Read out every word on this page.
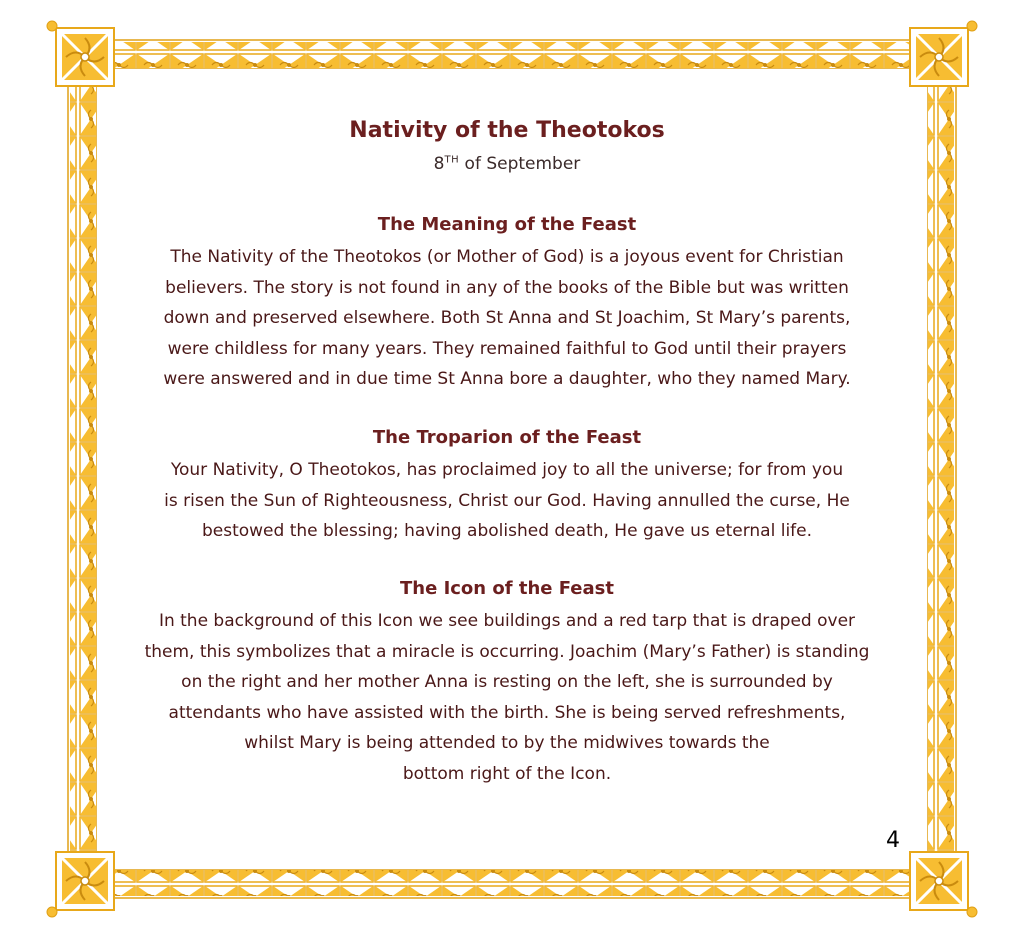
Nativity of the Theotokos
8TH of September
The Meaning of the Feast

The Nativity of the Theotokos (or Mother of God) is a joyous event for Christian
believers. The story is not found in any of the books of the Bible but was written
down and preserved elsewhere. Both St Anna and St Joachim, St Mary’s parents,
were childless for many years. They remained faithful to God until their prayers
were answered and in due time St Anna bore a daughter, who they named Mary.

The Troparion of the Feast

Your Nativity, O Theotokos, has proclaimed joy to all the universe; for from you
is risen the Sun of Righteousness, Christ our God. Having annulled the curse, He
bestowed the blessing; having abolished death, He gave us eternal life.

The Icon of the Feast

In the background of this Icon we see buildings and a red tarp that is draped over
them, this symbolizes that a miracle is occurring. Joachim (Mary’s Father) is standing
on the right and her mother Anna is resting on the left, she is surrounded by
attendants who have assisted with the birth. She is being served refreshments,
whilst Mary is being attended to by the midwives towards the
bottom right of the Icon.

4
